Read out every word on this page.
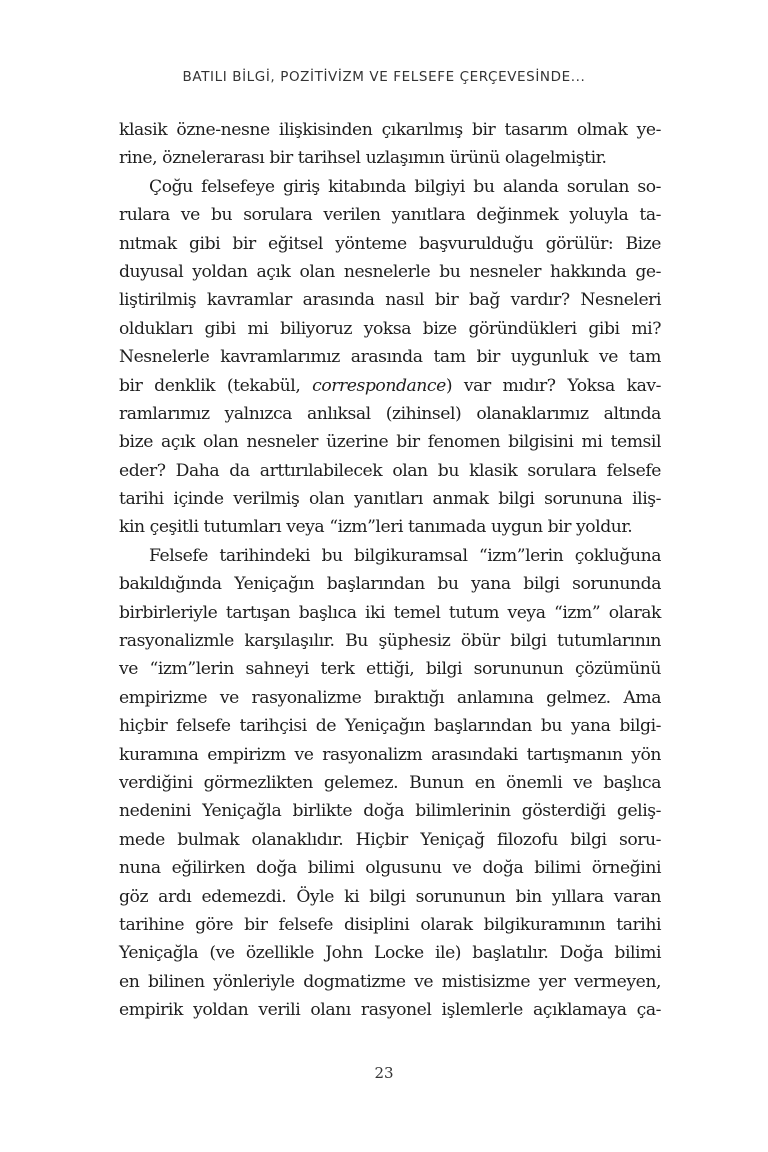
BATILI BİLGİ, POZİTİVİZM VE FELSEFE ÇERÇEVESİNDE...
klasik özne-nesne ilişkisinden çıkarılmış bir tasarım olmak ye-
rine, öznelerarası bir tarihsel uzlaşımın ürünü olagelmiştir.
Çoğu felsefeye giriş kitabında bilgiyi bu alanda sorulan so-
rulara ve bu sorulara verilen yanıtlara değinmek yoluyla ta-
nıtmak gibi bir eğitsel yönteme başvurulduğu görülür: Bize
duyusal yoldan açık olan nesnelerle bu nesneler hakkında ge-
liştirilmiş kavramlar arasında nasıl bir bağ vardır? Nesneleri
oldukları gibi mi biliyoruz yoksa bize göründükleri gibi mi?
Nesnelerle kavramlarımız arasında tam bir uygunluk ve tam
bir denklik (tekabül, correspondance) var mıdır? Yoksa kav-
ramlarımız yalnızca anlıksal (zihinsel) olanaklarımız altında
bize açık olan nesneler üzerine bir fenomen bilgisini mi temsil
eder? Daha da arttırılabilecek olan bu klasik sorulara felsefe
tarihi içinde verilmiş olan yanıtları anmak bilgi sorununa iliş-
kin çeşitli tutumları veya “izm”leri tanımada uygun bir yoldur.
Felsefe tarihindeki bu bilgikuramsal “izm”lerin çokluğuna
bakıldığında Yeniçağın başlarından bu yana bilgi sorununda
birbirleriyle tartışan başlıca iki temel tutum veya “izm” olarak
rasyonalizmle karşılaşılır. Bu şüphesiz öbür bilgi tutumlarının
ve “izm”lerin sahneyi terk ettiği, bilgi sorununun çözümünü
empirizme ve rasyonalizme bıraktığı anlamına gelmez. Ama
hiçbir felsefe tarihçisi de Yeniçağın başlarından bu yana bilgi-
kuramına empirizm ve rasyonalizm arasındaki tartışmanın yön
verdiğini görmezlikten gelemez. Bunun en önemli ve başlıca
nedenini Yeniçağla birlikte doğa bilimlerinin gösterdiği geliş-
mede bulmak olanaklıdır. Hiçbir Yeniçağ filozofu bilgi soru-
nuna eğilirken doğa bilimi olgusunu ve doğa bilimi örneğini
göz ardı edemezdi. Öyle ki bilgi sorununun bin yıllara varan
tarihine göre bir felsefe disiplini olarak bilgikuramının tarihi
Yeniçağla (ve özellikle John Locke ile) başlatılır. Doğa bilimi
en bilinen yönleriyle dogmatizme ve mistisizme yer vermeyen,
empirik yoldan verili olanı rasyonel işlemlerle açıklamaya ça-
23
